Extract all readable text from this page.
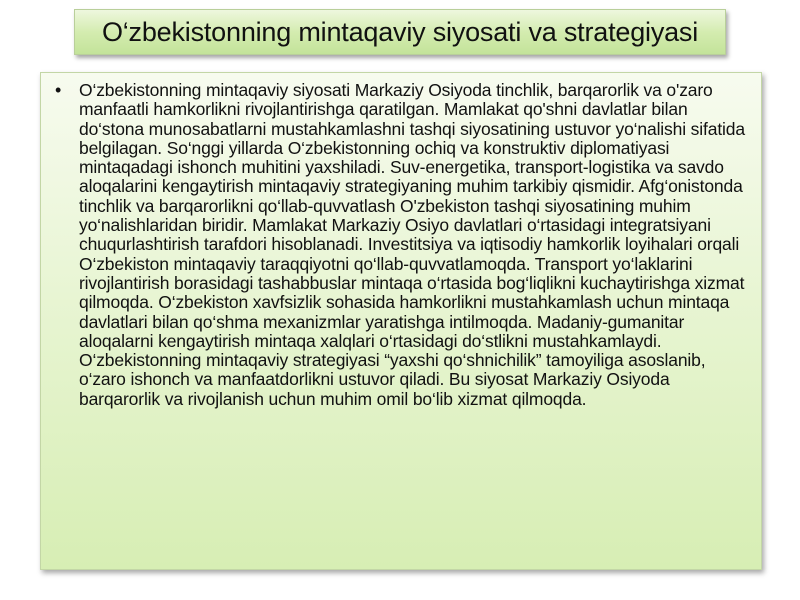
O‘zbekistonning mintaqaviy siyosati va strategiyasi
•	O‘zbekistonning mintaqaviy siyosati Markaziy Osiyoda tinchlik, barqarorlik va o'zaro manfaatli hamkorlikni rivojlantirishga qaratilgan. Mamlakat qo'shni davlatlar bilan do‘stona munosabatlarni mustahkamlashni tashqi siyosatining ustuvor yo‘nalishi sifatida belgilagan. So‘nggi yillarda O‘zbekistonning ochiq va konstruktiv diplomatiyasi mintaqadagi ishonch muhitini yaxshiladi. Suv-energetika, transport-logistika va savdo aloqalarini kengaytirish mintaqaviy strategiyaning muhim tarkibiy qismidir. Afg‘onistonda tinchlik va barqarorlikni qo‘llab-quvvatlash O'zbekiston tashqi siyosatining muhim yo‘nalishlaridan biridir. Mamlakat Markaziy Osiyo davlatlari o‘rtasidagi integratsiyani chuqurlashtirish tarafdori hisoblanadi. Investitsiya va iqtisodiy hamkorlik loyihalari orqali O‘zbekiston mintaqaviy taraqqiyotni qo‘llab-quvvatlamoqda. Transport yo‘laklarini rivojlantirish borasidagi tashabbuslar mintaqa o‘rtasida bog‘liqlikni kuchaytirishga xizmat qilmoqda. O‘zbekiston xavfsizlik sohasida hamkorlikni mustahkamlash uchun mintaqa davlatlari bilan qo‘shma mexanizmlar yaratishga intilmoqda. Madaniy-gumanitar aloqalarni kengaytirish mintaqa xalqlari o‘rtasidagi do‘stlikni mustahkamlaydi. O‘zbekistonning mintaqaviy strategiyasi “yaxshi qo‘shnichilik” tamoyiliga asoslanib, o‘zaro ishonch va manfaatdorlikni ustuvor qiladi. Bu siyosat Markaziy Osiyoda barqarorlik va rivojlanish uchun muhim omil bo‘lib xizmat qilmoqda.
